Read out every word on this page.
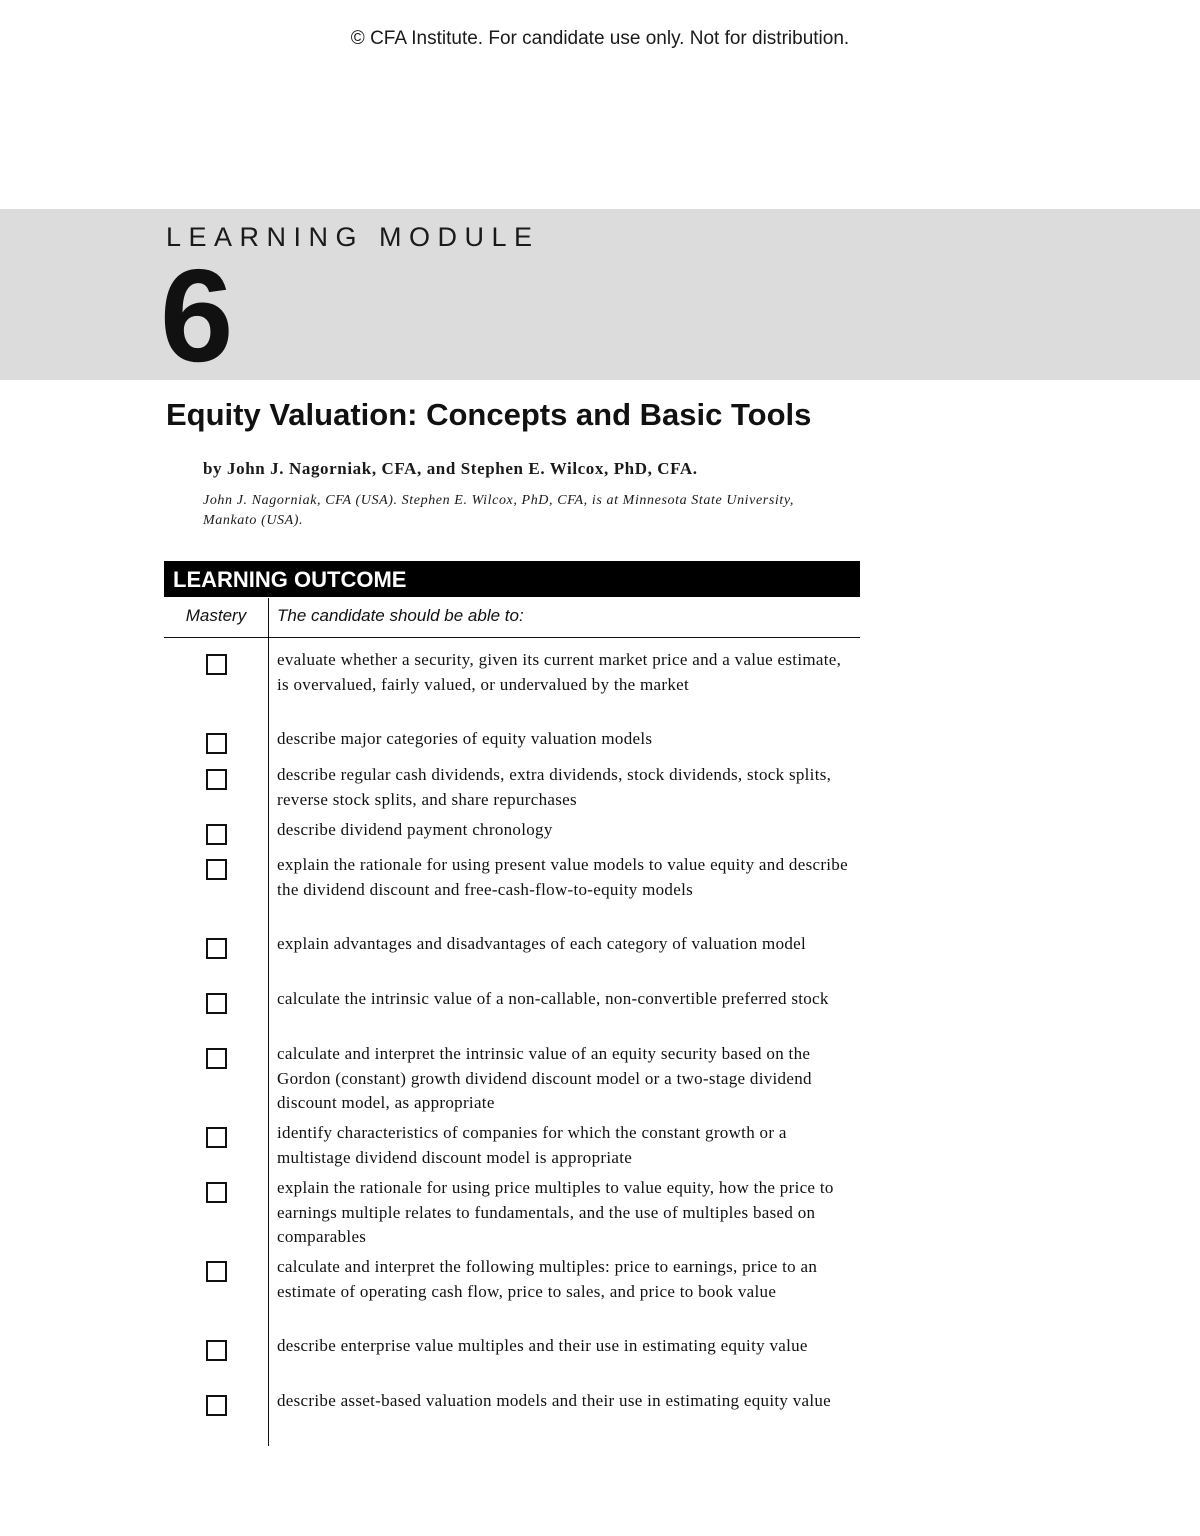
© CFA Institute. For candidate use only. Not for distribution.
LEARNING MODULE
6
Equity Valuation: Concepts and Basic Tools
by John J. Nagorniak, CFA, and Stephen E. Wilcox, PhD, CFA.
John J. Nagorniak, CFA (USA). Stephen E. Wilcox, PhD, CFA, is at Minnesota State University, Mankato (USA).
LEARNING OUTCOME
Mastery	The candidate should be able to:
evaluate whether a security, given its current market price and a value estimate, is overvalued, fairly valued, or undervalued by the market
describe major categories of equity valuation models
describe regular cash dividends, extra dividends, stock dividends, stock splits, reverse stock splits, and share repurchases
describe dividend payment chronology
explain the rationale for using present value models to value equity and describe the dividend discount and free-cash-flow-to-equity models
explain advantages and disadvantages of each category of valuation model
calculate the intrinsic value of a non-callable, non-convertible preferred stock
calculate and interpret the intrinsic value of an equity security based on the Gordon (constant) growth dividend discount model or a two-stage dividend discount model, as appropriate
identify characteristics of companies for which the constant growth or a multistage dividend discount model is appropriate
explain the rationale for using price multiples to value equity, how the price to earnings multiple relates to fundamentals, and the use of multiples based on comparables
calculate and interpret the following multiples: price to earnings, price to an estimate of operating cash flow, price to sales, and price to book value
describe enterprise value multiples and their use in estimating equity value
describe asset-based valuation models and their use in estimating equity value
